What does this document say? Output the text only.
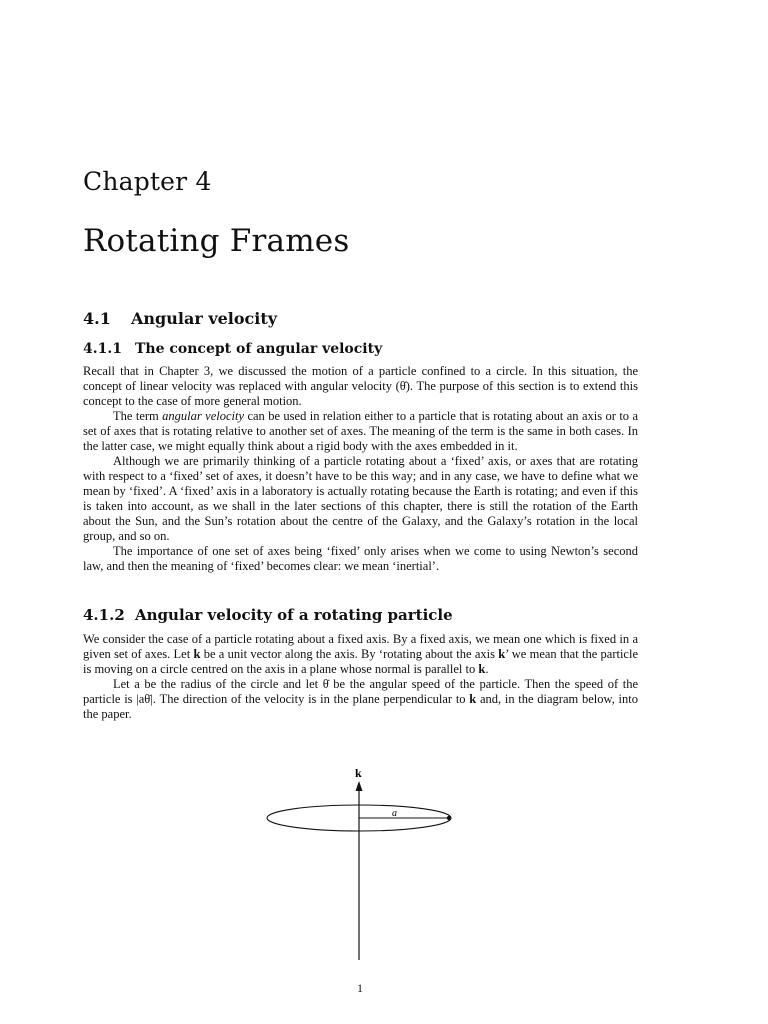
Chapter 4
Rotating Frames
4.1 Angular velocity
4.1.1 The concept of angular velocity

Recall that in Chapter 3, we discussed the motion of a particle confined to a circle. In this situation, the concept of linear velocity was replaced with angular velocity (θ̇). The purpose of this section is to extend this concept to the case of more general motion.

The term angular velocity can be used in relation either to a particle that is rotating about an axis or to a set of axes that is rotating relative to another set of axes. The meaning of the term is the same in both cases. In the latter case, we might equally think about a rigid body with the axes embedded in it.

Although we are primarily thinking of a particle rotating about a ‘fixed’ axis, or axes that are rotating with respect to a ‘fixed’ set of axes, it doesn’t have to be this way; and in any case, we have to define what we mean by ‘fixed’. A ‘fixed’ axis in a laboratory is actually rotating because the Earth is rotating; and even if this is taken into account, as we shall in the later sections of this chapter, there is still the rotation of the Earth about the Sun, and the Sun’s rotation about the centre of the Galaxy, and the Galaxy’s rotation in the local group, and so on.

The importance of one set of axes being ‘fixed’ only arises when we come to using Newton’s second law, and then the meaning of ‘fixed’ becomes clear: we mean ‘inertial’.

4.1.2 Angular velocity of a rotating particle

We consider the case of a particle rotating about a fixed axis. By a fixed axis, we mean one which is fixed in a given set of axes. Let k be a unit vector along the axis. By ‘rotating about the axis k’ we mean that the particle is moving on a circle centred on the axis in a plane whose normal is parallel to k.

Let a be the radius of the circle and let θ̇ be the angular speed of the particle. Then the speed of the particle is |aθ̇|. The direction of the velocity is in the plane perpendicular to k and, in the diagram below, into the paper.

k
a
1
